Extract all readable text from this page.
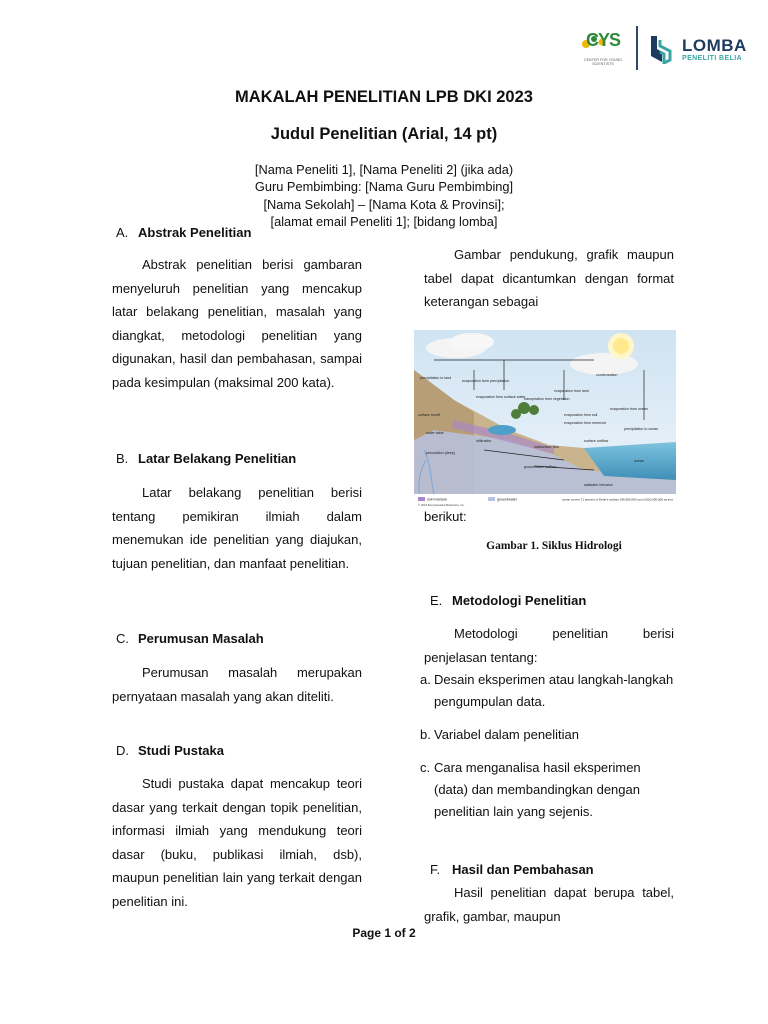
CYS
CENTER FOR YOUNG SCIENTISTS
LOMBA
PENELITI BELIA
MAKALAH PENELITIAN LPB DKI 2023
Judul Penelitian (Arial, 14 pt)
[Nama Peneliti 1], [Nama Peneliti 2] (jika ada)
Guru Pembimbing: [Nama Guru Pembimbing]
[Nama Sekolah] – [Nama Kota & Provinsi];
[alamat email Peneliti 1]; [bidang lomba]
A. Abstrak Penelitian
Abstrak penelitian berisi gambaran menyeluruh penelitian yang mencakup latar belakang penelitian, masalah yang diangkat, metodologi penelitian yang digunakan, hasil dan pembahasan, sampai pada kesimpulan (maksimal 200 kata).
B. Latar Belakang Penelitian
Latar belakang penelitian berisi tentang pemikiran ilmiah dalam menemukan ide penelitian yang diajukan, tujuan penelitian, dan manfaat penelitian.
C. Perumusan Masalah
Perumusan masalah merupakan pernyataan masalah yang akan diteliti.
D. Studi Pustaka
Studi pustaka dapat mencakup teori dasar yang terkait dengan topik penelitian, informasi ilmiah yang mendukung teori dasar (buku, publikasi ilmiah, dsb), maupun penelitian lain yang terkait dengan penelitian ini.
Gambar pendukung, grafik maupun tabel dapat dicantumkan dengan format keterangan sebagai
precipitation to land
evaporation from precipitation
evaporation from land
evaporation from surface water
transpiration from vegetation
condensation
evaporation from soil
evaporation from reservoir
evaporation from ocean
precipitation to ocean
surface runoff
water table
infiltration
subsurface flow
surface outflow
ocean
percolation (deep)
groundwater outflow
saltwater intrusion
soil moisture	groundwater
© 2013 Encyclopædia Britannica, Inc.
ocean covers 71 percent of Earth's surface 196,950,000 sq mi (510,000,000 sq km)
berikut:
Gambar 1. Siklus Hidrologi
E. Metodologi Penelitian
Metodologi penelitian berisi penjelasan tentang:
a. Desain eksperimen atau langkah-langkah pengumpulan data.
b. Variabel dalam penelitian
c. Cara menganalisa hasil eksperimen (data) dan membandingkan dengan penelitian lain yang sejenis.
F. Hasil dan Pembahasan
Hasil penelitian dapat berupa tabel, grafik, gambar, maupun
Page 1 of 2
